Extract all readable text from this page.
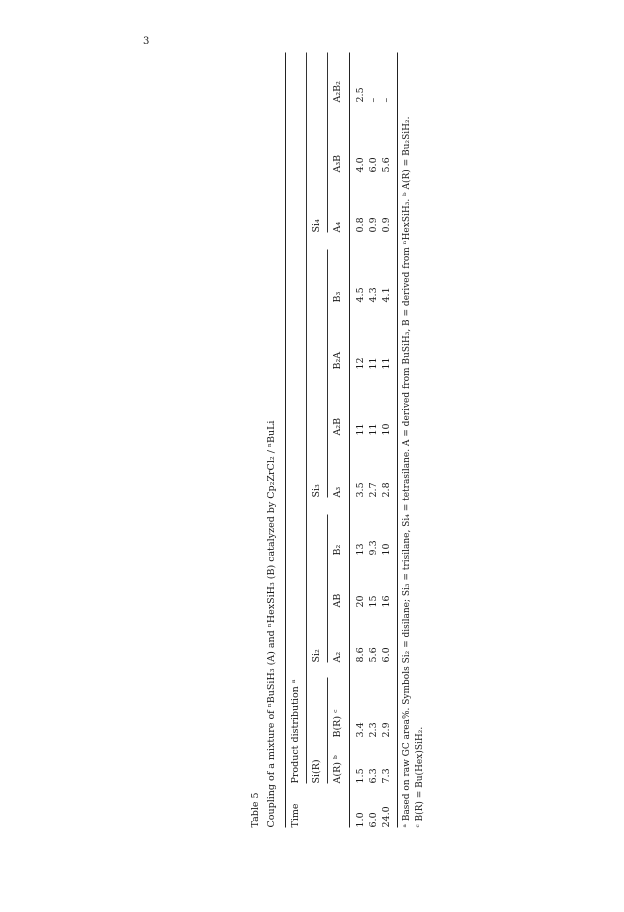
3
Table 5 Coupling of a mixture of ⁿBuSiH₃ (A) and ⁿHexSiH₃ (B) catalyzed by Cp₂ZrCl₂ / ⁿBuLi Time
Product distribution ᵃ Si(R)
Si₂
Si₃
Si₄
A(R) ᵇ
B(R) ᶜ
A₂
AB
B₂
A₃
A₂B
B₂A
B₃
A₄
A₃B
A₂B₂
1.0
1.5
3.4
8.6
20
13
3.5
11
12
4.5
0.8
4.0
2.5
6.0
6.3
2.3
5.6
15
9.3
2.7
11
11
4.3
0.9
6.0
–
24.0
7.3
2.9
6.0
16
10
2.8
10
11
4.1
0.9
5.6
–
ᵃ Based on raw GC area%. Symbols Si₂ = disilane; Si₃ = trisilane, Si₄ = tetrasilane. A = derived from BuSiH₃, B = derived from ⁿHexSiH₃. ᵇ A(R) = Bu₂SiH₂. ᶜ B(R) = Bu(Hex)SiH₂.
